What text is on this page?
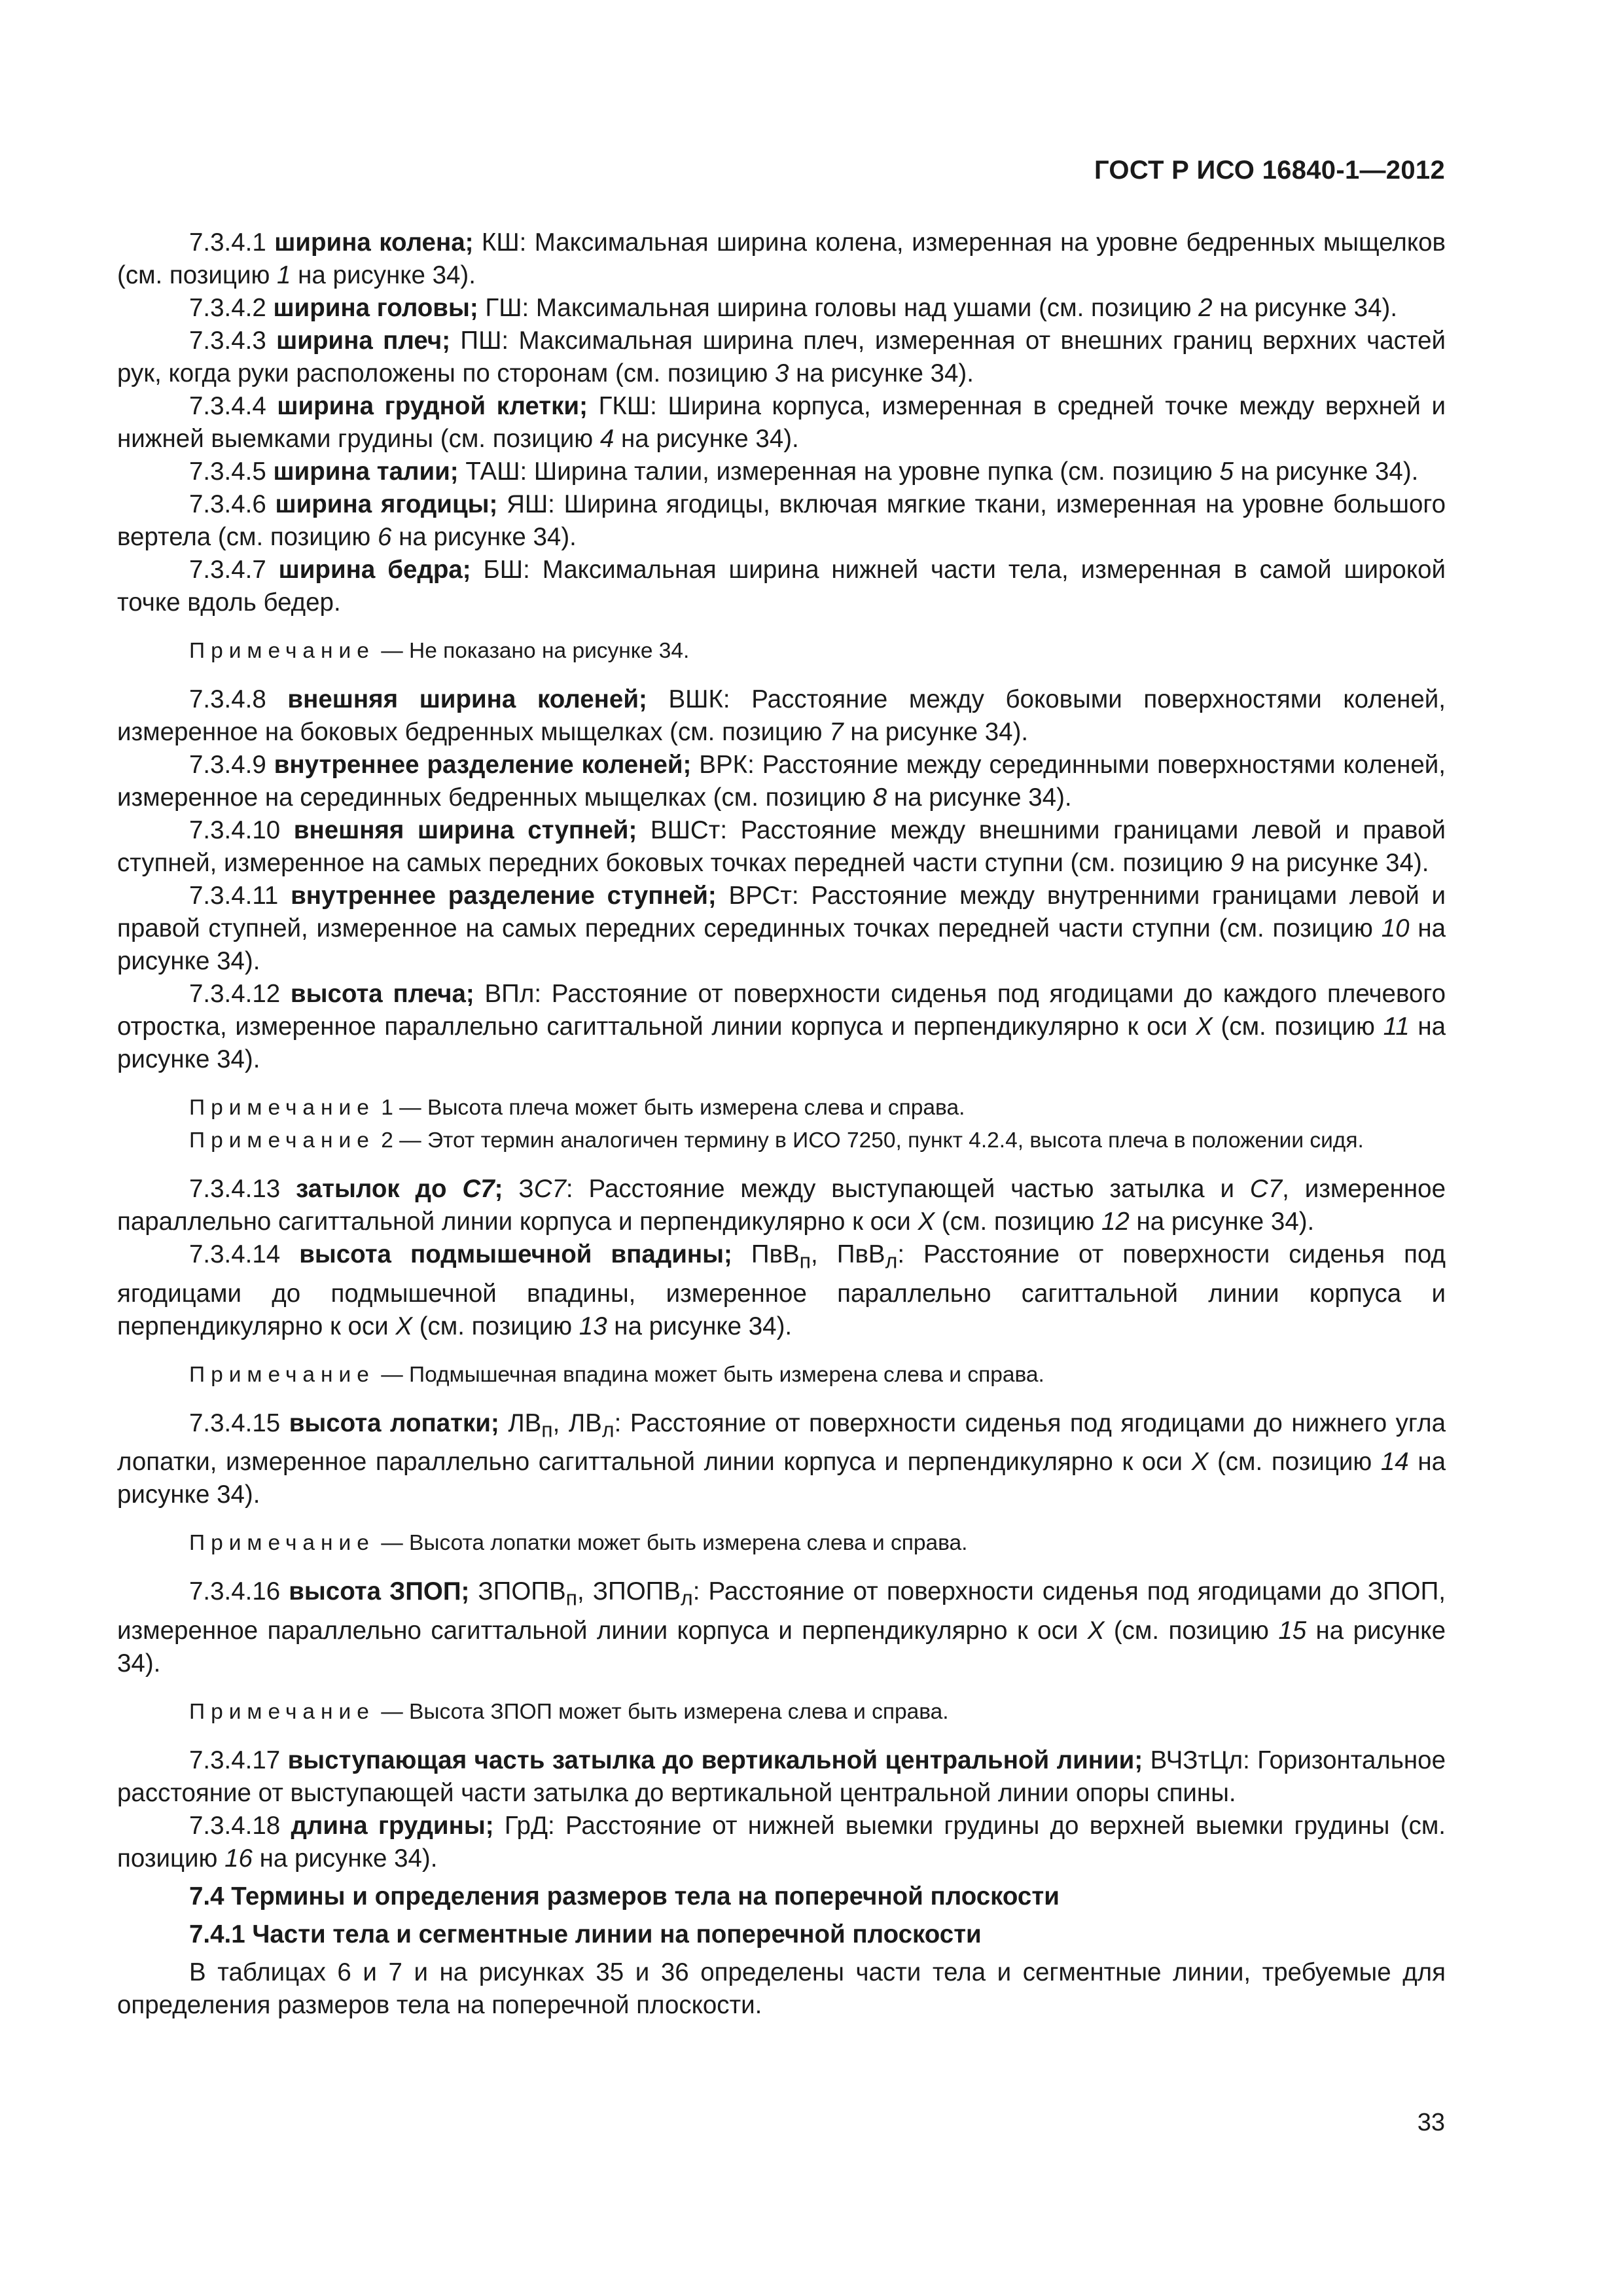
ГОСТ Р ИСО 16840-1—2012

7.3.4.1 ширина колена; КШ: Максимальная ширина колена, измеренная на уровне бедренных мыщелков (см. позицию 1 на рисунке 34).

7.3.4.2 ширина головы; ГШ: Максимальная ширина головы над ушами (см. позицию 2 на рисунке 34).

7.3.4.3 ширина плеч; ПШ: Максимальная ширина плеч, измеренная от внешних границ верхних частей рук, когда руки расположены по сторонам (см. позицию 3 на рисунке 34).

7.3.4.4 ширина грудной клетки; ГКШ: Ширина корпуса, измеренная в средней точке между верхней и нижней выемками грудины (см. позицию 4 на рисунке 34).

7.3.4.5 ширина талии; ТАШ: Ширина талии, измеренная на уровне пупка (см. позицию 5 на рисунке 34).

7.3.4.6 ширина ягодицы; ЯШ: Ширина ягодицы, включая мягкие ткани, измеренная на уровне большого вертела (см. позицию 6 на рисунке 34).

7.3.4.7 ширина бедра; БШ: Максимальная ширина нижней части тела, измеренная в самой широкой точке вдоль бедер.

Примечание — Не показано на рисунке 34.

7.3.4.8 внешняя ширина коленей; ВШК: Расстояние между боковыми поверхностями коленей, измеренное на боковых бедренных мыщелках (см. позицию 7 на рисунке 34).

7.3.4.9 внутреннее разделение коленей; ВРК: Расстояние между серединными поверхностями коленей, измеренное на серединных бедренных мыщелках (см. позицию 8 на рисунке 34).

7.3.4.10 внешняя ширина ступней; ВШСт: Расстояние между внешними границами левой и правой ступней, измеренное на самых передних боковых точках передней части ступни (см. позицию 9 на рисунке 34).

7.3.4.11 внутреннее разделение ступней; ВРСт: Расстояние между внутренними границами левой и правой ступней, измеренное на самых передних серединных точках передней части ступни (см. позицию 10 на рисунке 34).

7.3.4.12 высота плеча; ВПл: Расстояние от поверхности сиденья под ягодицами до каждого плечевого отростка, измеренное параллельно сагиттальной линии корпуса и перпендикулярно к оси X (см. позицию 11 на рисунке 34).

Примечание 1 — Высота плеча может быть измерена слева и справа.

Примечание 2 — Этот термин аналогичен термину в ИСО 7250, пункт 4.2.4, высота плеча в положении сидя.

7.3.4.13 затылок до С7; ЗС7: Расстояние между выступающей частью затылка и С7, измеренное параллельно сагиттальной линии корпуса и перпендикулярно к оси X (см. позицию 12 на рисунке 34).

7.3.4.14 высота подмышечной впадины; ПвВ$_п$, ПвВ$_л$: Расстояние от поверхности сиденья под ягодицами до подмышечной впадины, измеренное параллельно сагиттальной линии корпуса и перпендикулярно к оси X (см. позицию 13 на рисунке 34).

Примечание — Подмышечная впадина может быть измерена слева и справа.

7.3.4.15 высота лопатки; $ЛВ_п$, $ЛВ_л$: Расстояние от поверхности сиденья под ягодицами до нижнего угла лопатки, измеренное параллельно сагиттальной линии корпуса и перпендикулярно к оси X (см. позицию 14 на рисунке 34).

Примечание — Высота лопатки может быть измерена слева и справа.

7.3.4.16 высота ЗПОП; $ЗПОПВ_п$, $ЗПОПВ_л$: Расстояние от поверхности сиденья под ягодицами до ЗПОП, измеренное параллельно сагиттальной линии корпуса и перпендикулярно к оси X (см. позицию 15 на рисунке 34).

Примечание — Высота ЗПОП может быть измерена слева и справа.

7.3.4.17 выступающая часть затылка до вертикальной центральной линии; ВЧЗтЦл: Горизонтальное расстояние от выступающей части затылка до вертикальной центральной линии опоры спины.

7.3.4.18 длина грудины; ГрД: Расстояние от нижней выемки грудины до верхней выемки грудины (см. позицию 16 на рисунке 34).

7.4 Термины и определения размеров тела на поперечной плоскости

7.4.1 Части тела и сегментные линии на поперечной плоскости

В таблицах 6 и 7 и на рисунках 35 и 36 определены части тела и сегментные линии, требуемые для определения размеров тела на поперечной плоскости.

33
